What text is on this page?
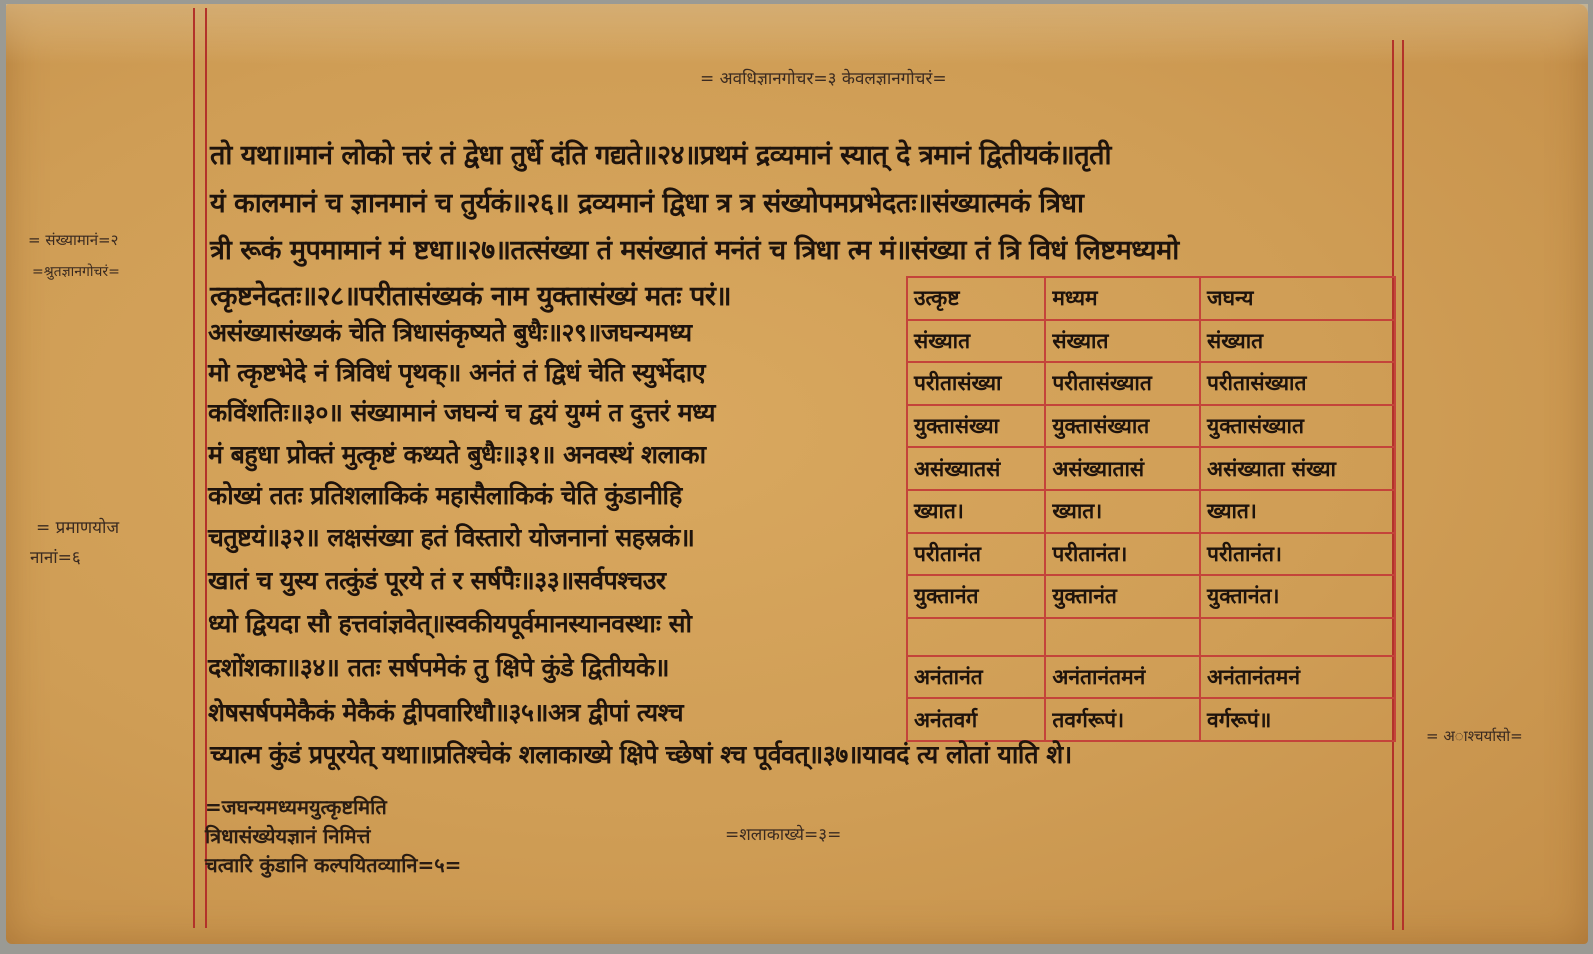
= अवधिज्ञानगोचर=३ केवलज्ञानगोचरं=
= संख्यामानं=२
=श्रुतज्ञानगोचरं=
= प्रमाणयोज
नानां=६
= अाश्चर्यासो=
तो यथा॥मानं लोको त्तरं तं द्वेधा तुर्धे दंति गद्यते॥२४॥प्रथमं द्रव्यमानं स्यात् दे त्रमानं द्वितीयकं॥तृती
यं कालमानं च ज्ञानमानं च तुर्यकं॥२६॥ द्रव्यमानं द्विधा त्र त्र संख्योपमप्रभेदतः॥संख्यात्मकं त्रिधा
त्री रूकं मुपमामानं मं ष्टधा॥२७॥तत्संख्या तं मसंख्यातं मनंतं च त्रिधा त्म मं॥संख्या तं त्रि विधं लिष्टमध्यमो
त्कृष्टनेदतः॥२८॥परीतासंख्यकं नाम युक्तासंख्यं मतः परं॥
असंख्यासंख्यकं चेति त्रिधासंकृष्यते बुधैः॥२९॥जघन्यमध्य
मो त्कृष्टभेदे नं त्रिविधं पृथक्॥ अनंतं तं द्विधं चेति स्युर्भेदाए
कविंशतिः॥३०॥ संख्यामानं जघन्यं च द्वयं युग्मं त दुत्तरं मध्य
मं बहुधा प्रोक्तं मुत्कृष्टं कथ्यते बुधैः॥३१॥ अनवस्थं शलाका
कोख्यं ततः प्रतिशलाकिकं महासैलाकिकं चेति कुंडानीहि
चतुष्टयं॥३२॥ लक्षसंख्या हतं विस्तारो योजनानां सहस्रकं॥
खातं च युस्य तत्कुंडं पूरये तं र सर्षपैः॥३३॥सर्वपश्चउर
ध्यो द्वियदा सौ हत्तवांज्ञवेत्॥स्वकीयपूर्वमानस्यानवस्थाः सो
दशोंशका॥३४॥ ततः सर्षपमेकं तु क्षिपे कुंडे द्वितीयके॥
शेषसर्षपमेकैकं मेकैकं द्वीपवारिधौ॥३५॥अत्र द्वीपां त्यश्च
उत्कृष्ट	मध्यम	जघन्य
संख्यात	संख्यात	संख्यात
परीतासंख्या	परीतासंख्यात	परीतासंख्यात
युक्तासंख्या	युक्तासंख्यात	युक्तासंख्यात
असंख्यातसं	असंख्यातासं	असंख्याता संख्या
ख्यात।	ख्यात।	ख्यात।
परीतानंत	परीतानंत।	परीतानंत।
युक्तानंत	युक्तानंत	युक्तानंत।

अनंतानंत	अनंतानंतमनं	अनंतानंतमनं
अनंतवर्ग	तवर्गरूपं।	वर्गरूपं॥
च्यात्म कुंडं प्रपूरयेत् यथा॥प्रतिश्चेकं शलाकाख्ये क्षिपे च्छेषां श्च पूर्ववत्॥३७॥यावदं त्य लोतां याति शे।
=जघन्यमध्यमयुत्कृष्टमिति
त्रिधासंख्येयज्ञानं निमित्तं
चत्वारि कुंडानि कल्पयितव्यानि=५=
=शलाकाख्ये=३=
